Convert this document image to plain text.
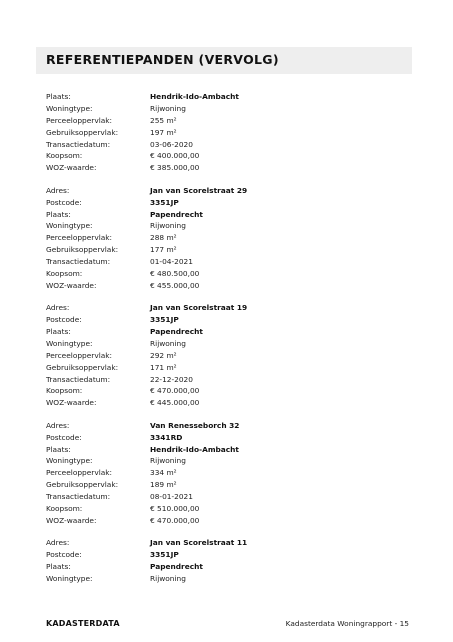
REFERENTIEPANDEN (VERVOLG)
Plaats:	Hendrik-Ido-Ambacht
Woningtype:	Rijwoning
Perceeloppervlak:	255 m²
Gebruiksoppervlak:	197 m²
Transactiedatum:	03-06-2020
Koopsom:	€ 400.000,00
WOZ-waarde:	€ 385.000,00
Adres:	Jan van Scorelstraat 29
Postcode:	3351JP
Plaats:	Papendrecht
Woningtype:	Rijwoning
Perceeloppervlak:	288 m²
Gebruiksoppervlak:	177 m²
Transactiedatum:	01-04-2021
Koopsom:	€ 480.500,00
WOZ-waarde:	€ 455.000,00
Adres:	Jan van Scorelstraat 19
Postcode:	3351JP
Plaats:	Papendrecht
Woningtype:	Rijwoning
Perceeloppervlak:	292 m²
Gebruiksoppervlak:	171 m²
Transactiedatum:	22-12-2020
Koopsom:	€ 470.000,00
WOZ-waarde:	€ 445.000,00
Adres:	Van Renesseborch 32
Postcode:	3341RD
Plaats:	Hendrik-Ido-Ambacht
Woningtype:	Rijwoning
Perceeloppervlak:	334 m²
Gebruiksoppervlak:	189 m²
Transactiedatum:	08-01-2021
Koopsom:	€ 510.000,00
WOZ-waarde:	€ 470.000,00
Adres:	Jan van Scorelstraat 11
Postcode:	3351JP
Plaats:	Papendrecht
Woningtype:	Rijwoning
KADASTERDATA	Kadasterdata Woningrapport - 15
